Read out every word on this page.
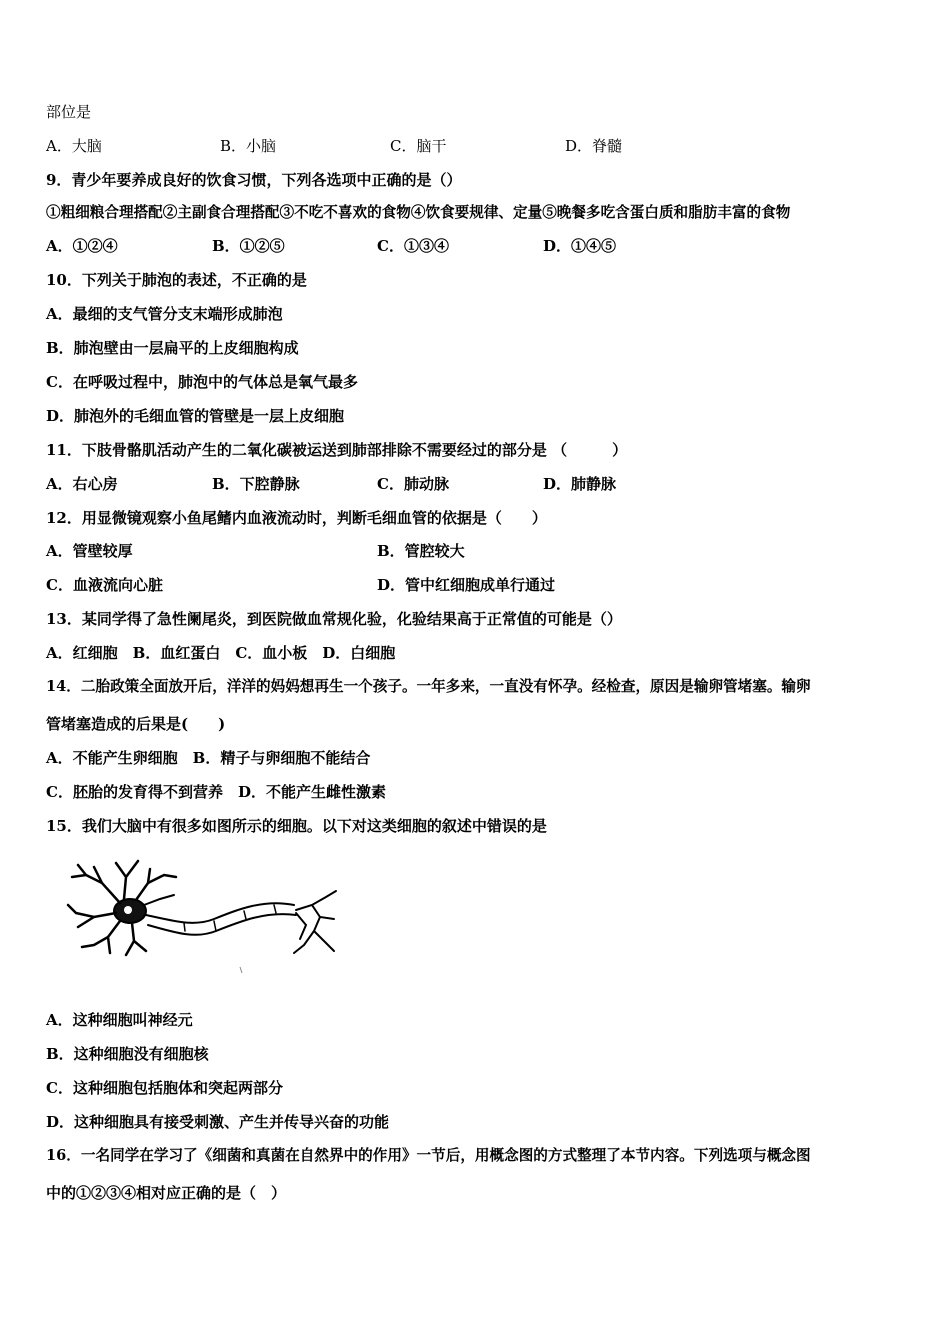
部位是
A．大脑	B．小脑	C．脑干	D．脊髓
9．青少年要养成良好的饮食习惯，下列各选项中正确的是（）
①粗细粮合理搭配②主副食合理搭配③不吃不喜欢的食物④饮食要规律、定量⑤晚餐多吃含蛋白质和脂肪丰富的食物
A．①②④	B．①②⑤	C．①③④	D．①④⑤
10．下列关于肺泡的表述，不正确的是
A．最细的支气管分支末端形成肺泡
B．肺泡壁由一层扁平的上皮细胞构成
C．在呼吸过程中，肺泡中的气体总是氧气最多
D．肺泡外的毛细血管的管壁是一层上皮细胞
11．下肢骨骼肌活动产生的二氧化碳被运送到肺部排除不需要经过的部分是 （　　　）
A．右心房	B．下腔静脉	C．肺动脉	D．肺静脉
12．用显微镜观察小鱼尾鳍内血液流动时，判断毛细血管的依据是（　　）
A．管壁较厚	B．管腔较大
C．血液流向心脏	D．管中红细胞成单行通过
13．某同学得了急性阑尾炎，到医院做血常规化验，化验结果高于正常值的可能是（）
A．红细胞　B．血红蛋白　C．血小板　D．白细胞
14．二胎政策全面放开后，洋洋的妈妈想再生一个孩子。一年多来，一直没有怀孕。经检查，原因是输卵管堵塞。输卵
管堵塞造成的后果是(　　)
A．不能产生卵细胞　B．精子与卵细胞不能结合
C．胚胎的发育得不到营养　D．不能产生雌性激素
15．我们大脑中有很多如图所示的细胞。以下对这类细胞的叙述中错误的是
A．这种细胞叫神经元
B．这种细胞没有细胞核
C．这种细胞包括胞体和突起两部分
D．这种细胞具有接受刺激、产生并传导兴奋的功能
16．一名同学在学习了《细菌和真菌在自然界中的作用》一节后，用概念图的方式整理了本节内容。下列选项与概念图
中的①②③④相对应正确的是（　）
